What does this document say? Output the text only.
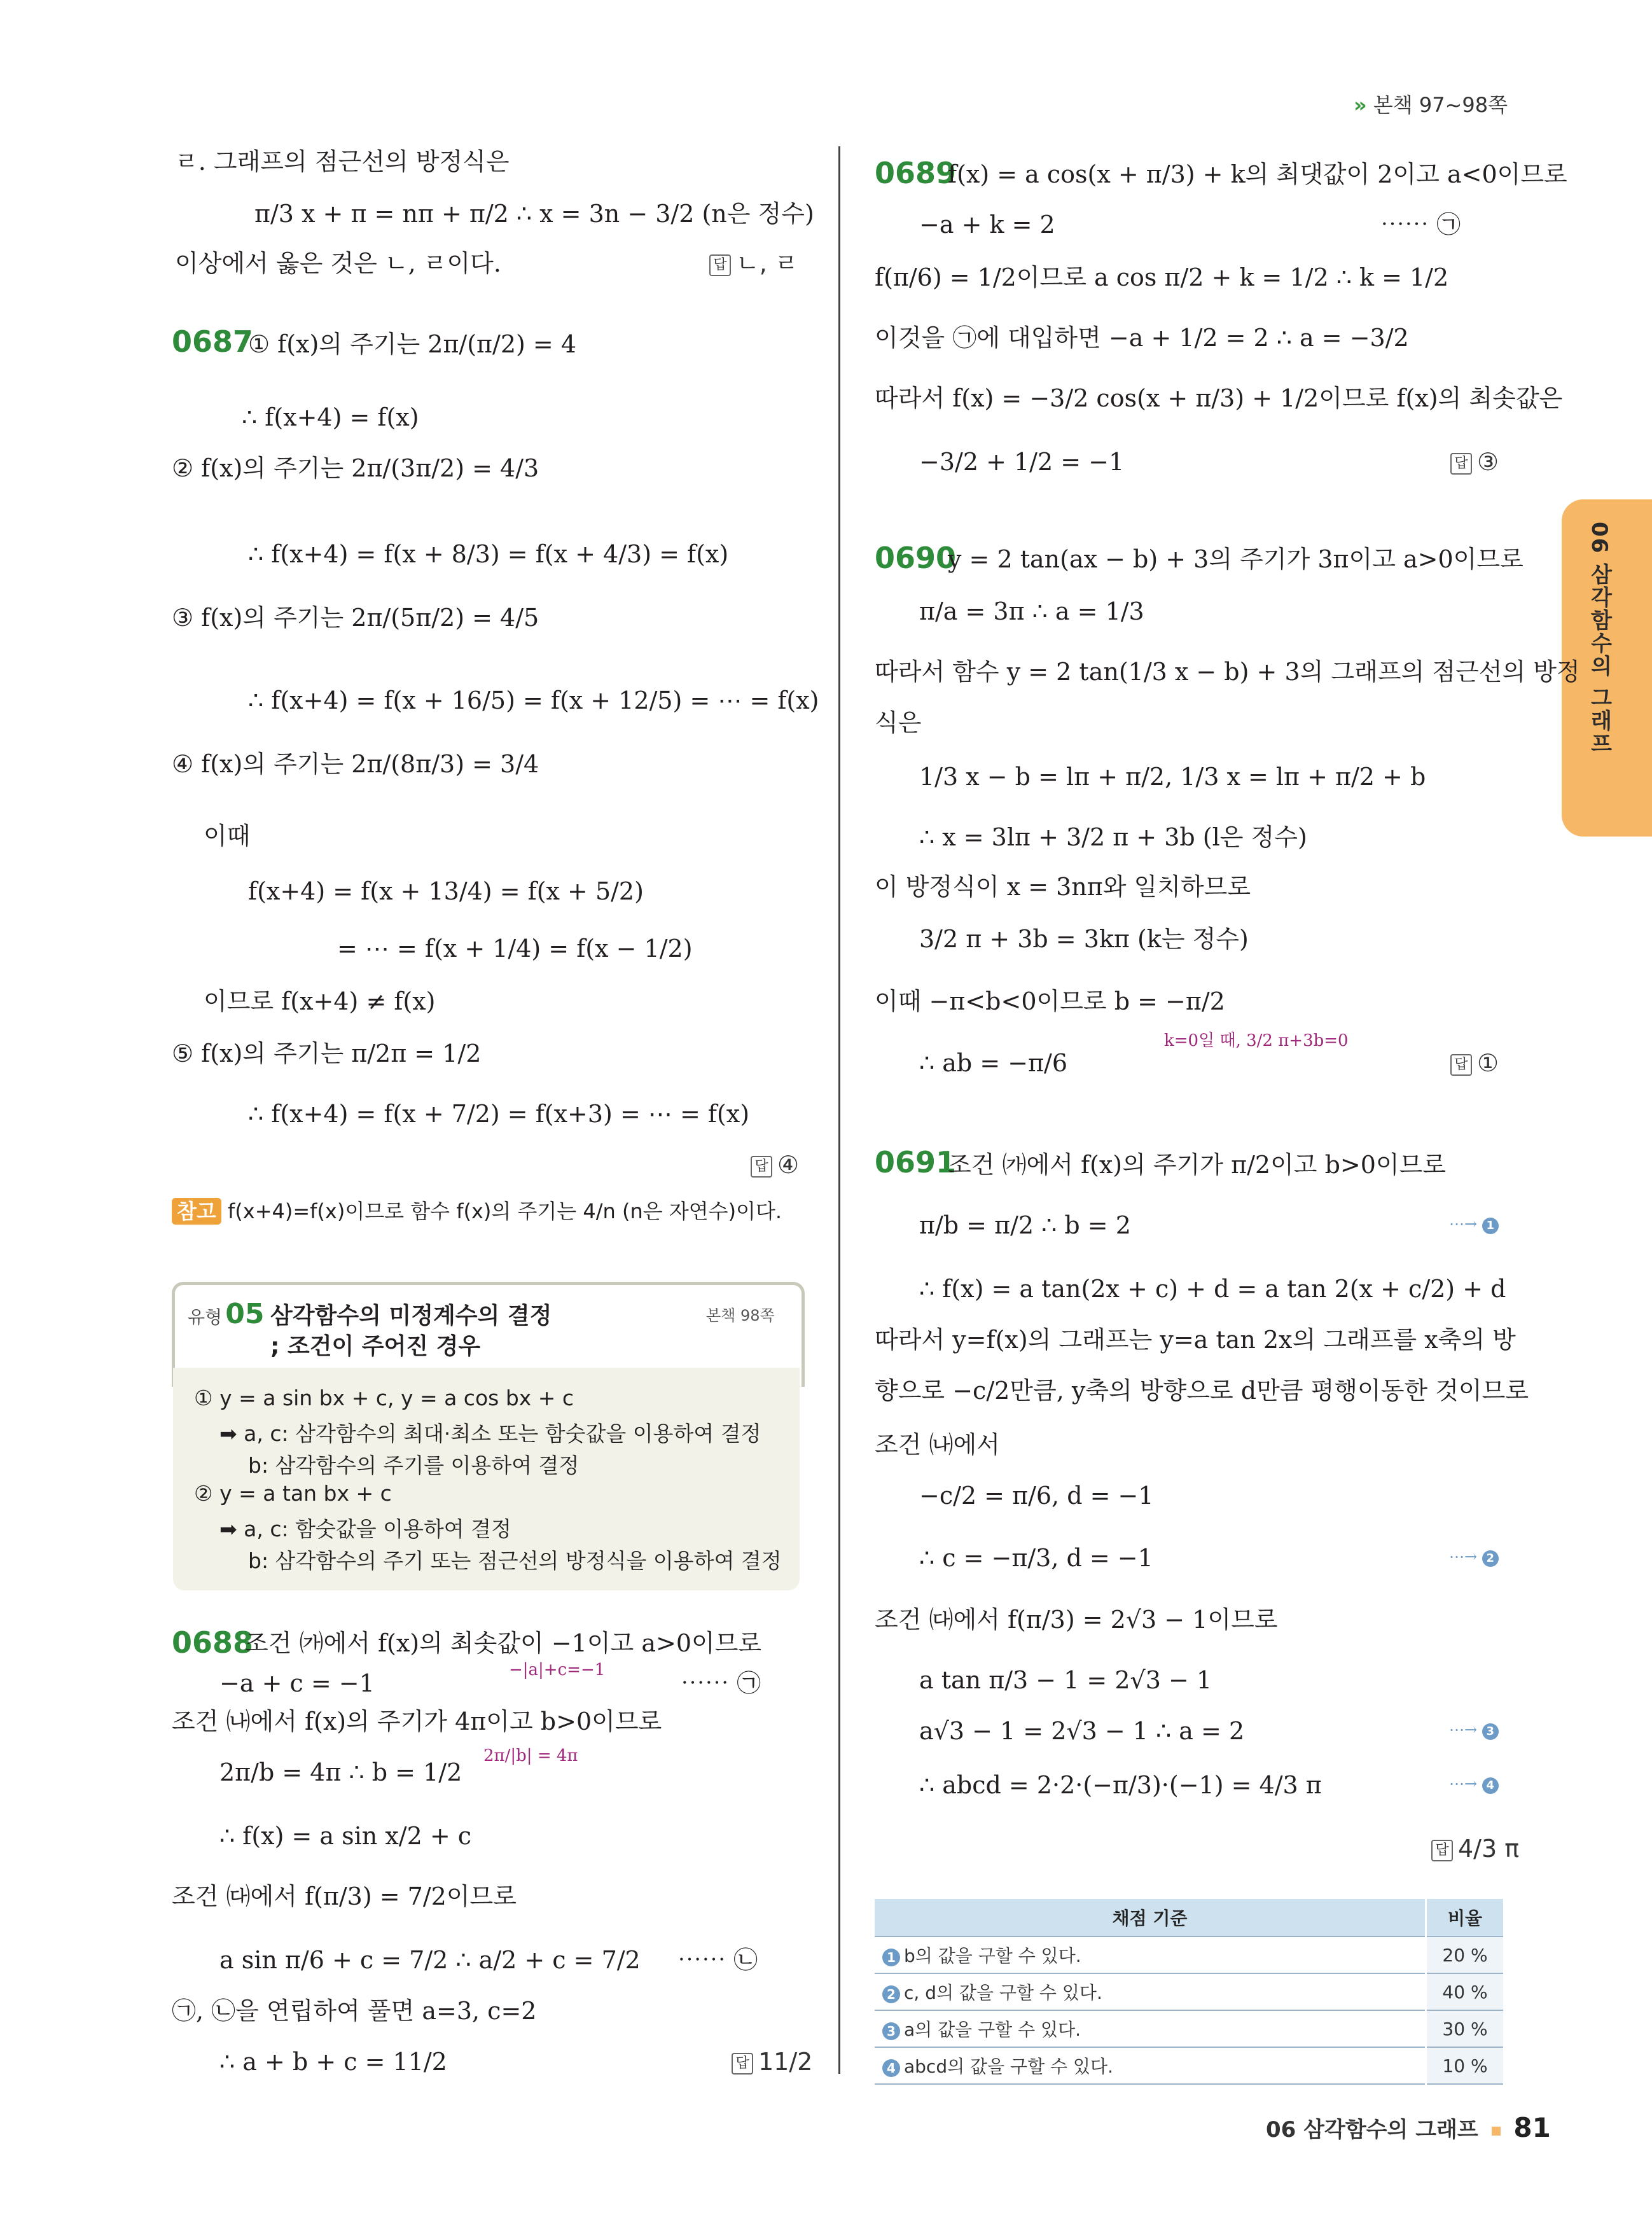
» 본책 97~98쪽
06 삼각함수의 그래프
ㄹ. 그래프의 점근선의 방정식은
π/3 x + π = nπ + π/2 ∴ x = 3n − 3/2 (n은 정수)
이상에서 옳은 것은 ㄴ, ㄹ이다.	답 ㄴ, ㄹ
0687
① f(x)의 주기는 2π/(π/2) = 4
∴ f(x+4) = f(x)
② f(x)의 주기는 2π/(3π/2) = 4/3
∴ f(x+4) = f(x + 8/3) = f(x + 4/3) = f(x)
③ f(x)의 주기는 2π/(5π/2) = 4/5
∴ f(x+4) = f(x + 16/5) = f(x + 12/5) = ⋯ = f(x)
④ f(x)의 주기는 2π/(8π/3) = 3/4
이때
f(x+4) = f(x + 13/4) = f(x + 5/2)
= ⋯ = f(x + 1/4) = f(x − 1/2)
이므로 f(x+4) ≠ f(x)
⑤ f(x)의 주기는 π/2π = 1/2
∴ f(x+4) = f(x + 7/2) = f(x+3) = ⋯ = f(x)
답 ④
참고 f(x+4)=f(x)이므로 함수 f(x)의 주기는 4/n (n은 자연수)이다.
유형 05 삼각함수의 미정계수의 결정
; 조건이 주어진 경우
본책 98쪽
① y = a sin bx + c, y = a cos bx + c
➡ a, c: 삼각함수의 최대·최소 또는 함숫값을 이용하여 결정
b: 삼각함수의 주기를 이용하여 결정
② y = a tan bx + c
➡ a, c: 함숫값을 이용하여 결정
b: 삼각함수의 주기 또는 점근선의 방정식을 이용하여 결정
0688
조건 ㈎에서 f(x)의 최솟값이 −1이고 a>0이므로
−|a|+c=−1
−a + c = −1	⋯⋯ ㉠
조건 ㈏에서 f(x)의 주기가 4π이고 b>0이므로
2π/|b| = 4π
2π/b = 4π ∴ b = 1/2
∴ f(x) = a sin x/2 + c
조건 ㈐에서 f(π/3) = 7/2이므로
a sin π/6 + c = 7/2 ∴ a/2 + c = 7/2 ⋯⋯ ㉡
㉠, ㉡을 연립하여 풀면 a=3, c=2
∴ a + b + c = 11/2	답 11/2
0689
f(x) = a cos(x + π/3) + k의 최댓값이 2이고 a<0이므로
−a + k = 2	⋯⋯ ㉠
f(π/6) = 1/2이므로 a cos π/2 + k = 1/2 ∴ k = 1/2
이것을 ㉠에 대입하면 −a + 1/2 = 2 ∴ a = −3/2
따라서 f(x) = −3/2 cos(x + π/3) + 1/2이므로 f(x)의 최솟값은
−3/2 + 1/2 = −1	답 ③
0690
y = 2 tan(ax − b) + 3의 주기가 3π이고 a>0이므로
π/a = 3π ∴ a = 1/3
따라서 함수 y = 2 tan(1/3 x − b) + 3의 그래프의 점근선의 방정
식은
1/3 x − b = lπ + π/2, 1/3 x = lπ + π/2 + b
∴ x = 3lπ + 3/2 π + 3b (l은 정수)
이 방정식이 x = 3nπ와 일치하므로
3/2 π + 3b = 3kπ (k는 정수)
이때 −π<b<0이므로 b = −π/2
k=0일 때, 3/2 π+3b=0
∴ ab = −π/6	답 ①
0691
조건 ㈎에서 f(x)의 주기가 π/2이고 b>0이므로
π/b = π/2 ∴ b = 2
∴ f(x) = a tan(2x + c) + d = a tan 2(x + c/2) + d
따라서 y=f(x)의 그래프는 y=a tan 2x의 그래프를 x축의 방
향으로 −c/2만큼, y축의 방향으로 d만큼 평행이동한 것이므로
조건 ㈏에서
−c/2 = π/6, d = −1
∴ c = −π/3, d = −1
조건 ㈐에서 f(π/3) = 2√3 − 1이므로
a tan π/3 − 1 = 2√3 − 1
a√3 − 1 = 2√3 − 1 ∴ a = 2
∴ abcd = 2·2·(−π/3)·(−1) = 4/3 π
답 4/3 π
⋯→ 1
⋯→ 2
⋯→ 3
⋯→ 4
채점 기준	비율
1 b의 값을 구할 수 있다.	20 %
2 c, d의 값을 구할 수 있다.	40 %
3 a의 값을 구할 수 있다.	30 %
4 abcd의 값을 구할 수 있다.	10 %
06 삼각함수의 그래프 81
